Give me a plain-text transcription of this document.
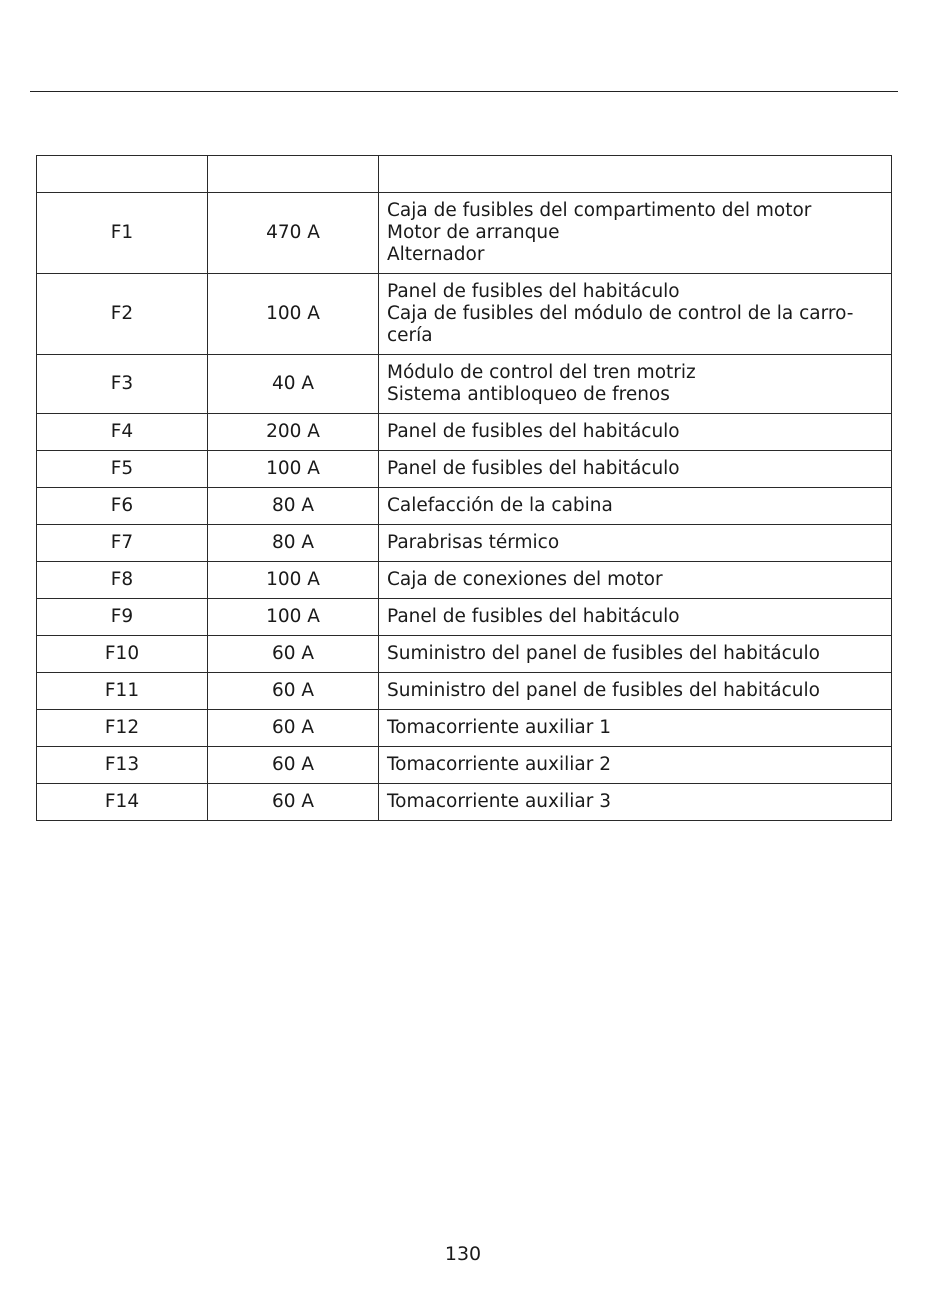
F1	470 A	Caja de fusibles del compartimento del motor
Motor de arranque
Alternador

F2	100 A	Panel de fusibles del habitáculo
Caja de fusibles del módulo de control de la carro-
cería

F3	40 A	Módulo de control del tren motriz
Sistema antibloqueo de frenos

F4	200 A	Panel de fusibles del habitáculo

F5	100 A	Panel de fusibles del habitáculo

F6	80 A	Calefacción de la cabina

F7	80 A	Parabrisas térmico

F8	100 A	Caja de conexiones del motor

F9	100 A	Panel de fusibles del habitáculo

F10	60 A	Suministro del panel de fusibles del habitáculo

F11	60 A	Suministro del panel de fusibles del habitáculo

F12	60 A	Tomacorriente auxiliar 1

F13	60 A	Tomacorriente auxiliar 2

F14	60 A	Tomacorriente auxiliar 3
130
